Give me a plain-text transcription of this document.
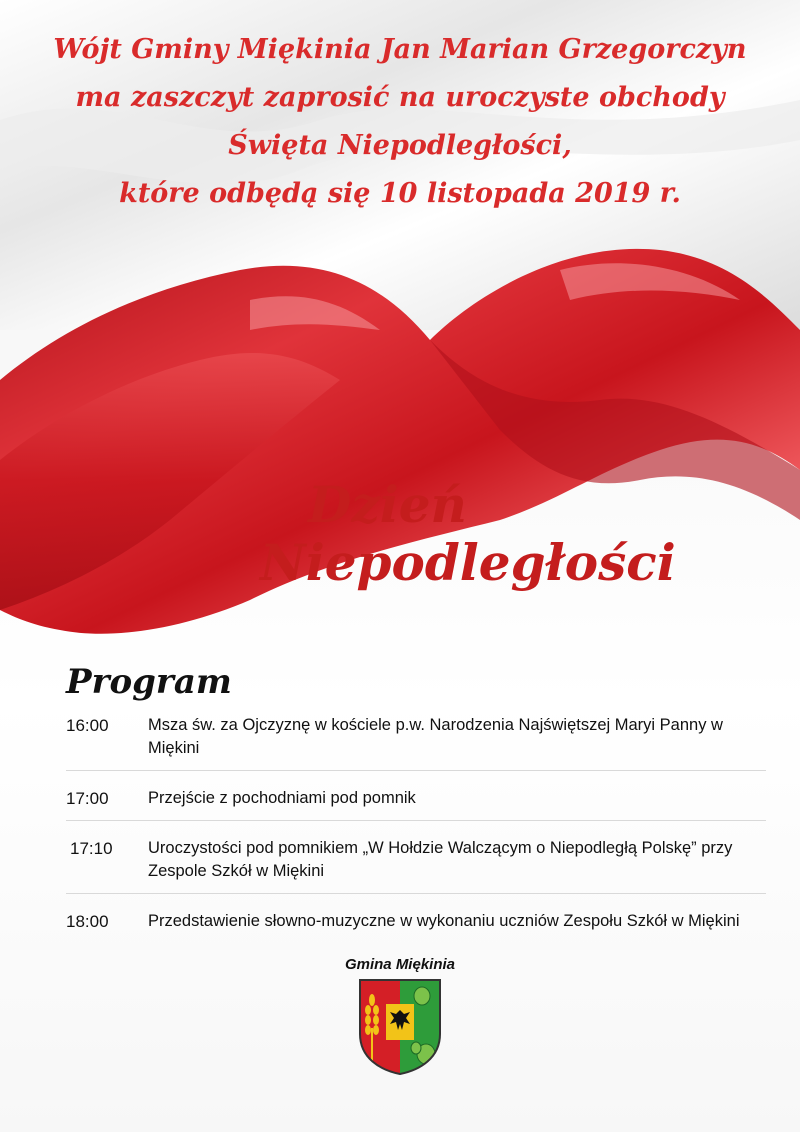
Wójt Gminy Miękinia Jan Marian Grzegorczyn
ma zaszczyt zaprosić na uroczyste obchody
Święta Niepodległości,
które odbędą się 10 listopada 2019 r.

Dzień
Niepodległości
Program
16:00	Msza św. za Ojczyznę w kościele p.w. Narodzenia Najświętszej Maryi Panny w Miękini
17:00	Przejście z pochodniami pod pomnik
17:10	Uroczystości pod pomnikiem „W Hołdzie Walczącym o Niepodległą Polskę” przy Zespole Szkół w Miękini
18:00	Przedstawienie słowno-muzyczne w wykonaniu uczniów Zespołu Szkół w Miękini
Gmina Miękinia
